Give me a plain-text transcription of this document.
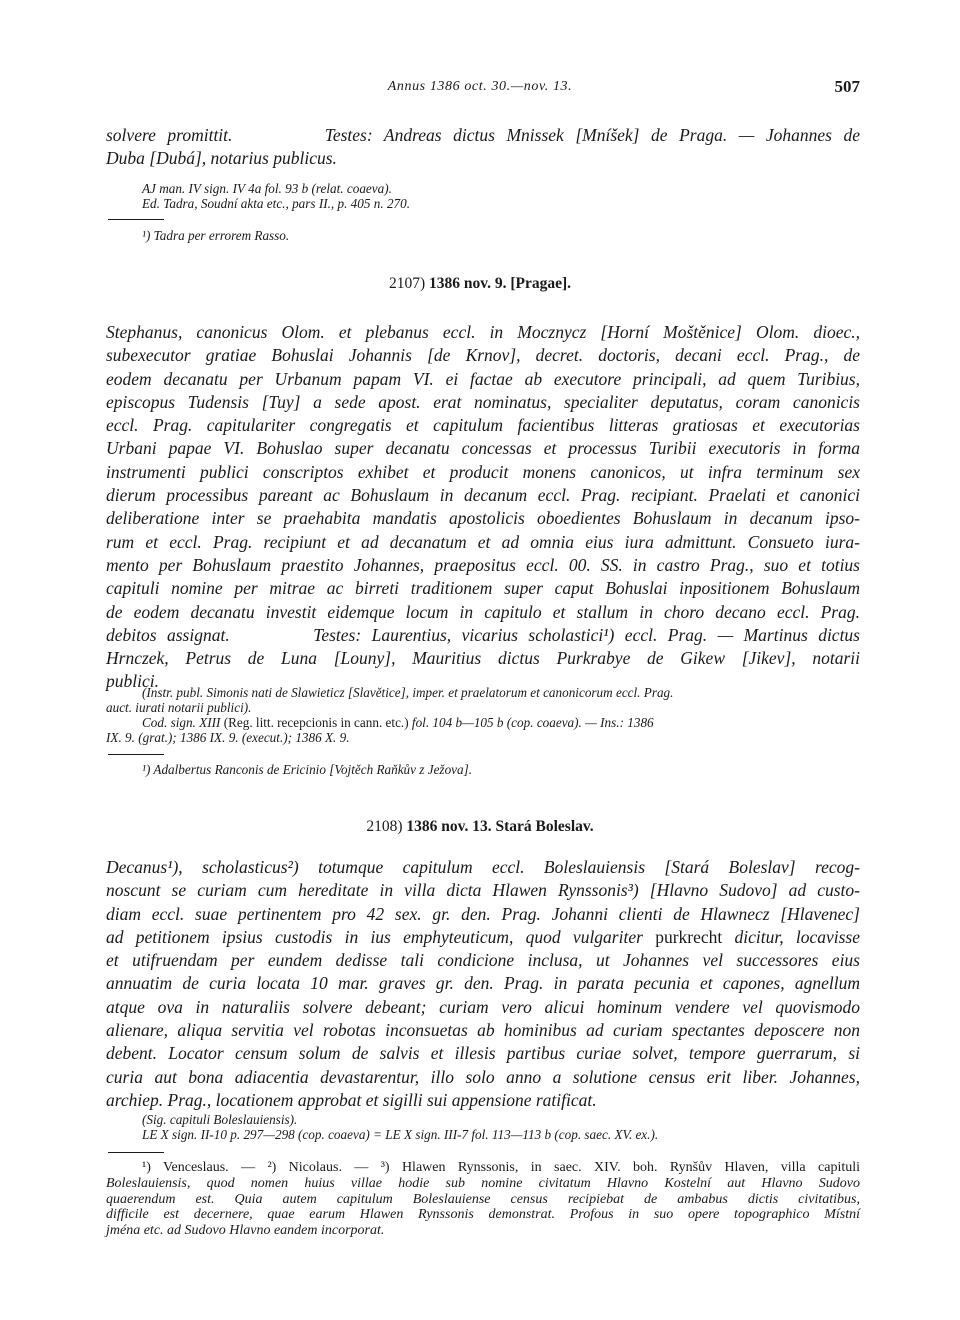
Annus 1386 oct. 30.—nov. 13.	507
solvere promittit.        Testes: Andreas dictus Mnissek [Mníšek] de Praga. — Johannes de
Duba [Dubá], notarius publicus.
AJ man. IV sign. IV 4a fol. 93 b (relat. coaeva).
Ed. Tadra, Soudní akta etc., pars II., p. 405 n. 270.
¹) Tadra per errorem Rasso.
2107) 1386 nov. 9. [Pragae].
Stephanus, canonicus Olom. et plebanus eccl. in Mocznycz [Horní Moštěnice] Olom. dioec.,
subexecutor gratiae Bohuslai Johannis [de Krnov], decret. doctoris, decani eccl. Prag., de
eodem decanatu per Urbanum papam VI. ei factae ab executore principali, ad quem Turibius,
episcopus Tudensis [Tuy] a sede apost. erat nominatus, specialiter deputatus, coram canonicis
eccl. Prag. capitulariter congregatis et capitulum facientibus litteras gratiosas et executorias
Urbani papae VI. Bohuslao super decanatu concessas et processus Turibii executoris in forma
instrumenti publici conscriptos exhibet et producit monens canonicos, ut infra terminum sex
dierum processibus pareant ac Bohuslaum in decanum eccl. Prag. recipiant. Praelati et canonici
deliberatione inter se praehabita mandatis apostolicis oboedientes Bohuslaum in decanum ipso-
rum et eccl. Prag. recipiunt et ad decanatum et ad omnia eius iura admittunt. Consueto iura-
mento per Bohuslaum praestito Johannes, praepositus eccl. 00. SS. in castro Prag., suo et totius
capituli nomine per mitrae ac birreti traditionem super caput Bohuslai inpositionem Bohuslaum
de eodem decanatu investit eidemque locum in capitulo et stallum in choro decano eccl. Prag.
debitos assignat.        Testes: Laurentius, vicarius scholastici¹) eccl. Prag. — Martinus dictus
Hrnczek, Petrus de Luna [Louny], Mauritius dictus Purkrabye de Gikew [Jikev], notarii
publici.
(Instr. publ. Simonis nati de Slawieticz [Slavětice], imper. et praelatorum et canonicorum eccl. Prag.
auct. iurati notarii publici).
Cod. sign. XIII (Reg. litt. recepcionis in cann. etc.) fol. 104 b—105 b (cop. coaeva). — Ins.: 1386
IX. 9. (grat.); 1386 IX. 9. (execut.); 1386 X. 9.
¹) Adalbertus Ranconis de Ericinio [Vojtěch Raňkův z Ježova].
2108) 1386 nov. 13. Stará Boleslav.
Decanus¹), scholasticus²) totumque capitulum eccl. Boleslauiensis [Stará Boleslav] recog-
noscunt se curiam cum hereditate in villa dicta Hlawen Rynssonis³) [Hlavno Sudovo] ad custo-
diam eccl. suae pertinentem pro 42 sex. gr. den. Prag. Johanni clienti de Hlawnecz [Hlavenec]
ad petitionem ipsius custodis in ius emphyteuticum, quod vulgariter purkrecht dicitur, locavisse
et utifruendam per eundem dedisse tali condicione inclusa, ut Johannes vel successores eius
annuatim de curia locata 10 mar. graves gr. den. Prag. in parata pecunia et capones, agnellum
atque ova in naturaliis solvere debeant; curiam vero alicui hominum vendere vel quovismodo
alienare, aliqua servitia vel robotas inconsuetas ab hominibus ad curiam spectantes deposcere non
debent. Locator censum solum de salvis et illesis partibus curiae solvet, tempore guerrarum, si
curia aut bona adiacentia devastarentur, illo solo anno a solutione census erit liber. Johannes,
archiep. Prag., locationem approbat et sigilli sui appensione ratificat.
(Sig. capituli Boleslauiensis).
LE X sign. II-10 p. 297—298 (cop. coaeva) = LE X sign. III-7 fol. 113—113 b (cop. saec. XV. ex.).
¹) Venceslaus. — ²) Nicolaus. — ³) Hlawen Rynssonis, in saec. XIV. boh. Rynšův Hlaven, villa capituli
Boleslauiensis, quod nomen huius villae hodie sub nomine civitatum Hlavno Kostelní aut Hlavno Sudovo
quaerendum est. Quia autem capitulum Boleslauiense census recipiebat de ambabus dictis civitatibus,
difficile est decernere, quae earum Hlawen Rynssonis demonstrat. Profous in suo opere topographico Místní
jména etc. ad Sudovo Hlavno eandem incorporat.
